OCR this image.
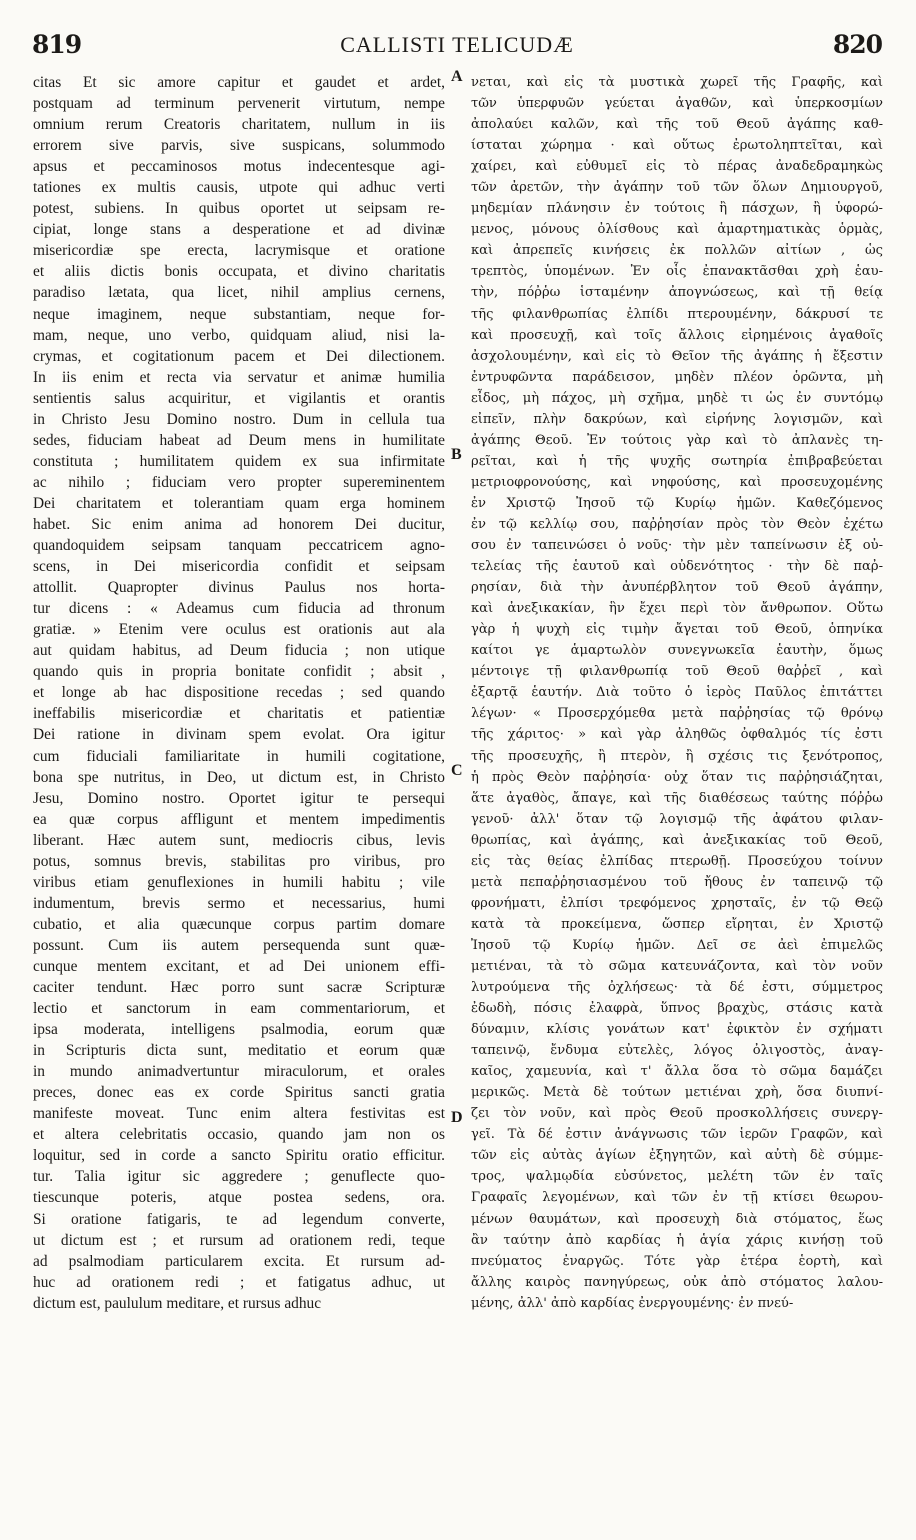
819	CALLISTI TELICUDÆ	820
citas Et sic amore capitur et gaudet et ardet,
postquam ad terminum pervenerit virtutum, nempe
omnium rerum Creatoris charitatem, nullum in iis
errorem sive parvis, sive suspicans, solummodo
apsus et peccaminosos motus indecentesque agi-
tationes ex multis causis, utpote qui adhuc verti
potest, subiens. In quibus oportet ut seipsam re-
cipiat, longe stans a desperatione et ad divinæ
misericordiæ spe erecta, lacrymisque et oratione
et aliis dictis bonis occupata, et divino charitatis
paradiso lætata, qua licet, nihil amplius cernens,
neque imaginem, neque substantiam, neque for-
mam, neque, uno verbo, quidquam aliud, nisi la-
crymas, et cogitationum pacem et Dei dilectionem.
In iis enim et recta via servatur et animæ humilia
sentientis salus acquiritur, et vigilantis et orantis
in Christo Jesu Domino nostro. Dum in cellula tua
sedes, fiduciam habeat ad Deum mens in humilitate
constituta ; humilitatem quidem ex sua infirmitate
ac nihilo ; fiduciam vero propter supereminentem
Dei charitatem et tolerantiam quam erga hominem
habet. Sic enim anima ad honorem Dei ducitur,
quandoquidem seipsam tanquam peccatricem agno-
scens, in Dei misericordia confidit et seipsam
attollit. Quapropter divinus Paulus nos horta-
tur dicens : « Adeamus cum fiducia ad thronum
gratiæ. » Etenim vere oculus est orationis aut ala
aut quidam habitus, ad Deum fiducia ; non utique
quando quis in propria bonitate confidit ; absit ,
et longe ab hac dispositione recedas ; sed quando
ineffabilis misericordiæ et charitatis et patientiæ
Dei ratione in divinam spem evolat. Ora igitur
cum fiduciali familiaritate in humili cogitatione,
bona spe nutritus, in Deo, ut dictum est, in Christo
Jesu, Domino nostro. Oportet igitur te persequi
ea quæ corpus affligunt et mentem impedimentis
liberant. Hæc autem sunt, mediocris cibus, levis
potus, somnus brevis, stabilitas pro viribus, pro
viribus etiam genuflexiones in humili habitu ; vile
indumentum, brevis sermo et necessarius, humi
cubatio, et alia quæcunque corpus partim domare
possunt. Cum iis autem persequenda sunt quæ-
cunque mentem excitant, et ad Dei unionem effi-
caciter tendunt. Hæc porro sunt sacræ Scripturæ
lectio et sanctorum in eam commentariorum, et
ipsa moderata, intelligens psalmodia, eorum quæ
in Scripturis dicta sunt, meditatio et eorum quæ
in mundo animadvertuntur miraculorum, et orales
preces, donec eas ex corde Spiritus sancti gratia
manifeste moveat. Tunc enim altera festivitas est
et altera celebritatis occasio, quando jam non os
loquitur, sed in corde a sancto Spiritu oratio efficitur.
tur. Talia igitur sic aggredere ; genuflecte quo-
tiescunque poteris, atque postea sedens, ora.
Si oratione fatigaris, te ad legendum converte,
ut dictum est ; et rursum ad orationem redi, teque
ad psalmodiam particularem excita. Et rursum ad-
huc ad orationem redi ; et fatigatus adhuc, ut
dictum est, paululum meditare, et rursus adhuc
νεται, καὶ εἰς τὰ μυστικὰ χωρεῖ τῆς Γραφῆς, καὶ
τῶν ὑπερφυῶν γεύεται ἀγαθῶν, καὶ ὑπερκοσμίων
ἀπολαύει καλῶν, καὶ τῆς τοῦ Θεοῦ ἀγάπης καθ-
ίσταται χώρημα · καὶ οὕτως ἐρωτοληπτεῖται, καὶ
χαίρει, καὶ εὐθυμεῖ εἰς τὸ πέρας ἀναδεδραμηκὼς
τῶν ἀρετῶν, τὴν ἀγάπην τοῦ τῶν ὅλων Δημιουργοῦ,
μηδεμίαν πλάνησιν ἐν τούτοις ἢ πάσχων, ἢ ὑφορώ-
μενος, μόνους ὀλίσθους καὶ ἁμαρτηματικὰς ὁρμὰς,
καὶ ἀπρεπεῖς κινήσεις ἐκ πολλῶν αἰτίων , ὡς
τρεπτὸς, ὑπομένων. Ἐν οἷς ἐπανακτᾶσθαι χρὴ ἑαυ-
τὴν, πόῤῥω ἱσταμένην ἀπογνώσεως, καὶ τῇ θείᾳ
τῆς φιλανθρωπίας ἐλπίδι πτερουμένην, δάκρυσί τε
καὶ προσευχῇ, καὶ τοῖς ἄλλοις εἰρημένοις ἀγαθοῖς
ἀσχολουμένην, καὶ εἰς τὸ Θεῖον τῆς ἀγάπης ἡ ἔξεστιν
ἐντρυφῶντα παράδεισον, μηδὲν πλέον ὁρῶντα, μὴ
εἶδος, μὴ πάχος, μὴ σχῆμα, μηδὲ τι ὡς ἐν συντόμῳ
εἰπεῖν, πλὴν δακρύων, καὶ εἰρήνης λογισμῶν, καὶ
ἀγάπης Θεοῦ. Ἐν τούτοις γὰρ καὶ τὸ ἀπλανὲς τη-
ρεῖται, καὶ ἡ τῆς ψυχῆς σωτηρία ἐπιβραβεύεται
μετριοφρονούσης, καὶ νηφούσης, καὶ προσευχομένης
ἐν Χριστῷ Ἰησοῦ τῷ Κυρίῳ ἡμῶν. Καθεζόμενος
ἐν τῷ κελλίῳ σου, παῤῥησίαν πρὸς τὸν Θεὸν ἐχέτω
σου ἐν ταπεινώσει ὁ νοῦς· τὴν μὲν ταπείνωσιν ἐξ οὐ-
τελείας τῆς ἑαυτοῦ καὶ οὐδενότητος · τὴν δὲ παῤ-
ρησίαν, διὰ τὴν ἀνυπέρβλητον τοῦ Θεοῦ ἀγάπην,
καὶ ἀνεξικακίαν, ἣν ἔχει περὶ τὸν ἄνθρωπον. Οὕτω
γὰρ ἡ ψυχὴ εἰς τιμὴν ἄγεται τοῦ Θεοῦ, ὁπηνίκα
καίτοι γε ἁμαρτωλὸν συνεγνωκεῖα ἑαυτὴν, ὅμως
μέντοιγε τῇ φιλανθρωπίᾳ τοῦ Θεοῦ θαῤῥεῖ , καὶ
ἐξαρτᾷ ἑαυτήν. Διὰ τοῦτο ὁ ἱερὸς Παῦλος ἐπιτάττει
λέγων· « Προσερχόμεθα μετὰ παῤῥησίας τῷ θρόνῳ
τῆς χάριτος· » καὶ γὰρ ἀληθῶς ὀφθαλμός τίς ἐστι
τῆς προσευχῆς, ἢ πτερὸν, ἢ σχέσις τις ξενότροπος,
ἡ πρὸς Θεὸν παῤῥησία· οὐχ ὅταν τις παῤῥησιάζηται,
ἅτε ἀγαθὸς, ἄπαγε, καὶ τῆς διαθέσεως ταύτης πόῤῥω
γενοῦ· ἀλλ' ὅταν τῷ λογισμῷ τῆς ἀφάτου φιλαν-
θρωπίας, καὶ ἀγάπης, καὶ ἀνεξικακίας τοῦ Θεοῦ,
εἰς τὰς θείας ἐλπίδας πτερωθῇ. Προσεύχου τοίνυν
μετὰ πεπαῤῥησιασμένου τοῦ ἤθους ἐν ταπεινῷ τῷ
φρονήματι, ἐλπίσι τρεφόμενος χρησταῖς, ἐν τῷ Θεῷ
κατὰ τὰ προκείμενα, ὥσπερ εἴρηται, ἐν Χριστῷ
Ἰησοῦ τῷ Κυρίῳ ἡμῶν. Δεῖ σε ἀεὶ ἐπιμελῶς
μετιέναι, τὰ τὸ σῶμα κατευνάζοντα, καὶ τὸν νοῦν
λυτρούμενα τῆς ὀχλήσεως· τὰ δέ ἐστι, σύμμετρος
ἐδωδὴ, πόσις ἐλαφρὰ, ὕπνος βραχὺς, στάσις κατὰ
δύναμιν, κλίσις γονάτων κατ' ἐφικτὸν ἐν σχήματι
ταπεινῷ, ἔνδυμα εὐτελὲς, λόγος ὀλιγοστὸς, ἀναγ-
καῖος, χαμευνία, καὶ τ' ἄλλα ὅσα τὸ σῶμα δαμάζει
μερικῶς. Μετὰ δὲ τούτων μετιέναι χρὴ, ὅσα διυπνί-
ζει τὸν νοῦν, καὶ πρὸς Θεοῦ προσκολλήσεις συνεργ-
γεῖ. Τὰ δέ ἐστιν ἀνάγνωσις τῶν ἱερῶν Γραφῶν, καὶ
τῶν εἰς αὐτὰς ἁγίων ἐξηγητῶν, καὶ αὐτὴ δὲ σύμμε-
τρος, ψαλμῳδία εὐσύνετος, μελέτη τῶν ἐν ταῖς
Γραφαῖς λεγομένων, καὶ τῶν ἐν τῇ κτίσει θεωρου-
μένων θαυμάτων, καὶ προσευχὴ διὰ στόματος, ἕως
ἂν ταύτην ἀπὸ καρδίας ἡ ἁγία χάρις κινήσῃ τοῦ
πνεύματος ἐναργῶς. Τότε γὰρ ἑτέρα ἑορτὴ, καὶ
ἄλλης καιρὸς πανηγύρεως, οὐκ ἀπὸ στόματος λαλου-
μένης, ἀλλ' ἀπὸ καρδίας ἐνεργουμένης· ἐν πνεύ-
A
B
C
D
